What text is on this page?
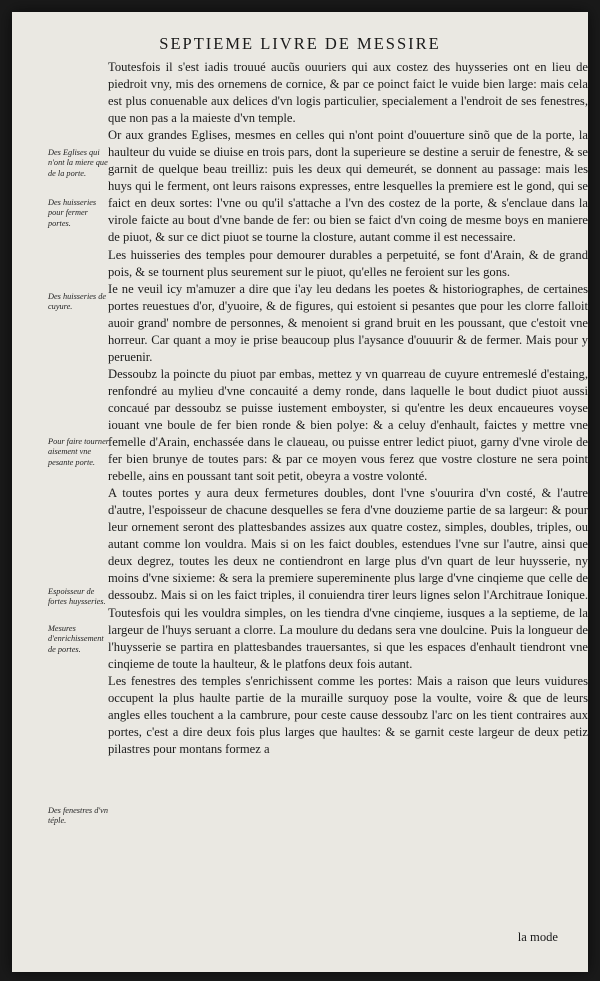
SEPTIEME LIVRE DE MESSIRE
Des Eglises qui n'ont la miere que de la porte.
Des huisseries pour fermer portes.
Des huisseries de cuyure.
Pour faire tourner aisement vne pesante porte.
Espoisseur de fortes huysseries.
Mesures d'enrichissement de portes.
Des fenestres d'vn téple.

Toutesfois il s'est iadis trouué aucũs ouuriers qui aux costez des huysseries ont en lieu de piedroit vny, mis des ornemens de cornice, & par ce poinct faict le vuide bien large: mais cela est plus conuenable aux delices d'vn logis particulier, specialement a l'endroit de ses fenestres, que non pas a la maieste d'vn temple.

Or aux grandes Eglises, mesmes en celles qui n'ont point d'ouuerture sinõ que de la porte, la haulteur du vuide se diuise en trois pars, dont la superieure se destine a seruir de fenestre, & se garnit de quelque beau treilliz: puis les deux qui demeurét, se donnent au passage: mais les huys qui le ferment, ont leurs raisons expresses, entre lesquelles la premiere est le gond, qui se faict en deux sortes: l'vne ou qu'il s'attache a l'vn des costez de la porte, & s'enclaue dans la virole faicte au bout d'vne bande de fer: ou bien se faict d'vn coing de mesme boys en maniere de piuot, & sur ce dict piuot se tourne la closture, autant comme il est necessaire.

Les huisseries des temples pour demourer durables a perpetuité, se font d'Arain, & de grand pois, & se tournent plus seurement sur le piuot, qu'elles ne feroient sur les gons.

Ie ne veuil icy m'amuzer a dire que i'ay leu dedans les poetes & historiographes, de certaines portes reuestues d'or, d'yuoire, & de figures, qui estoient si pesantes que pour les clorre falloit auoir grand' nombre de personnes, & menoient si grand bruit en les poussant, que c'estoit vne horreur. Car quant a moy ie prise beaucoup plus l'aysance d'ouuurir & de fermer. Mais pour y peruenir.

Dessoubz la poincte du piuot par embas, mettez y vn quarreau de cuyure entremeslé d'estaing, renfondré au mylieu d'vne concauité a demy ronde, dans laquelle le bout dudict piuot aussi concaué par dessoubz se puisse iustement emboyster, si qu'entre les deux encaueures voyse iouant vne boule de fer bien ronde & bien polye: & a celuy d'enhault, faictes y mettre vne femelle d'Arain, enchassée dans le claueau, ou puisse entrer ledict piuot, garny d'vne virole de fer bien brunye de toutes pars: & par ce moyen vous ferez que vostre closture ne sera point rebelle, ains en poussant tant soit petit, obeyra a vostre volonté.

A toutes portes y aura deux fermetures doubles, dont l'vne s'ouurira d'vn costé, & l'autre d'autre, l'espoisseur de chacune desquelles se fera d'vne douzieme partie de sa largeur: & pour leur ornement seront des plattesbandes assizes aux quatre costez, simples, doubles, triples, ou autant comme lon vouldra. Mais si on les faict doubles, estendues l'vne sur l'autre, ainsi que deux degrez, toutes les deux ne contiendront en large plus d'vn quart de leur huysserie, ny moins d'vne sixieme: & sera la premiere supereminente plus large d'vne cinqieme que celle de dessoubz. Mais si on les faict triples, il conuiendra tirer leurs lignes selon l'Architraue Ionique. Toutesfois qui les vouldra simples, on les tiendra d'vne cinqieme, iusques a la septieme, de la largeur de l'huys seruant a clorre. La moulure du dedans sera vne doulcine. Puis la longueur de l'huysserie se partira en plattesbandes trauersantes, si que les espaces d'enhault tiendront vne cinqieme de toute la haulteur, & le platfons deux fois autant.

Les fenestres des temples s'enrichissent comme les portes: Mais a raison que leurs vuidures occupent la plus haulte partie de la muraille surquoy pose la voulte, voire & que de leurs angles elles touchent a la cambrure, pour ceste cause dessoubz l'arc on les tient contraires aux portes, c'est a dire deux fois plus larges que haultes: & se garnit ceste largeur de deux petiz pilastres pour montans formez a

la mode
